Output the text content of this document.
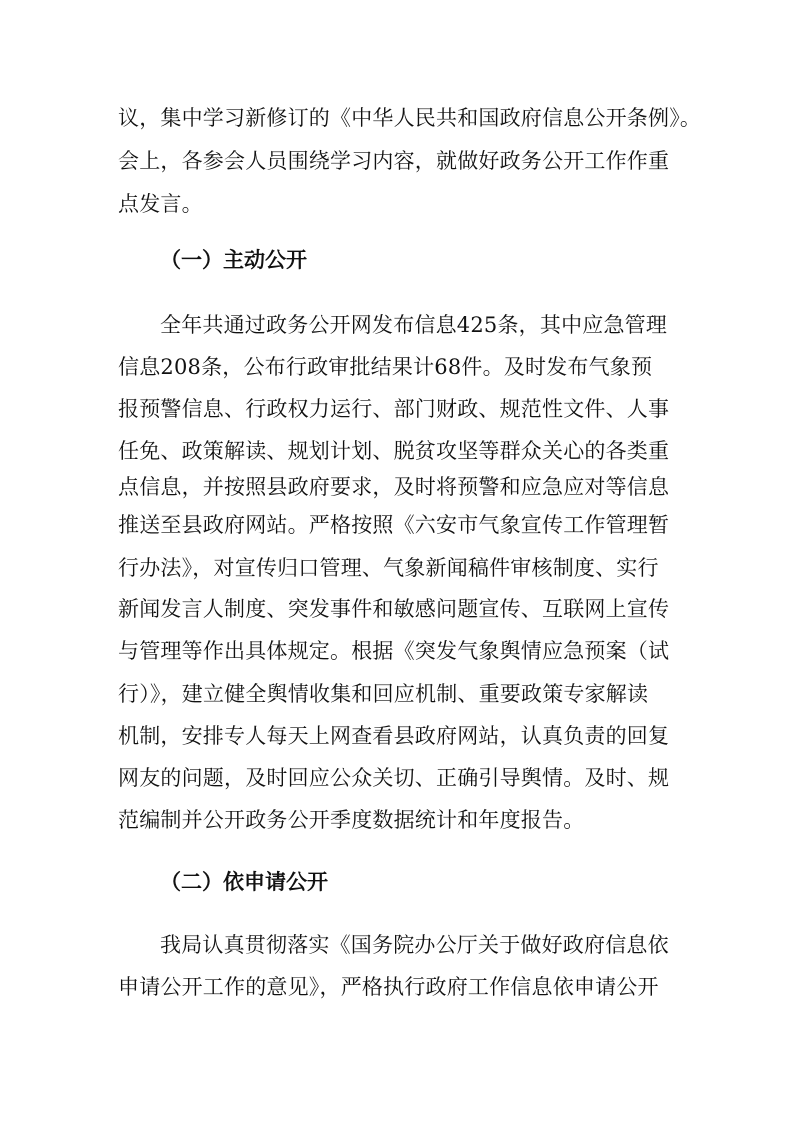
议，集中学习新修订的《中华人民共和国政府信息公开条例》。
会上，各参会人员围绕学习内容，就做好政务公开工作作重
点发言。
（一）主动公开
全年共通过政务公开网发布信息425条，其中应急管理
信息208条，公布行政审批结果计68件。及时发布气象预
报预警信息、行政权力运行、部门财政、规范性文件、人事
任免、政策解读、规划计划、脱贫攻坚等群众关心的各类重
点信息，并按照县政府要求，及时将预警和应急应对等信息
推送至县政府网站。严格按照《六安市气象宣传工作管理暂
行办法》，对宣传归口管理、气象新闻稿件审核制度、实行
新闻发言人制度、突发事件和敏感问题宣传、互联网上宣传
与管理等作出具体规定。根据《突发气象舆情应急预案（试
行）》，建立健全舆情收集和回应机制、重要政策专家解读
机制，安排专人每天上网查看县政府网站，认真负责的回复
网友的问题，及时回应公众关切、正确引导舆情。及时、规
范编制并公开政务公开季度数据统计和年度报告。
（二）依申请公开
我局认真贯彻落实《国务院办公厅关于做好政府信息依
申请公开工作的意见》，严格执行政府工作信息依申请公开
